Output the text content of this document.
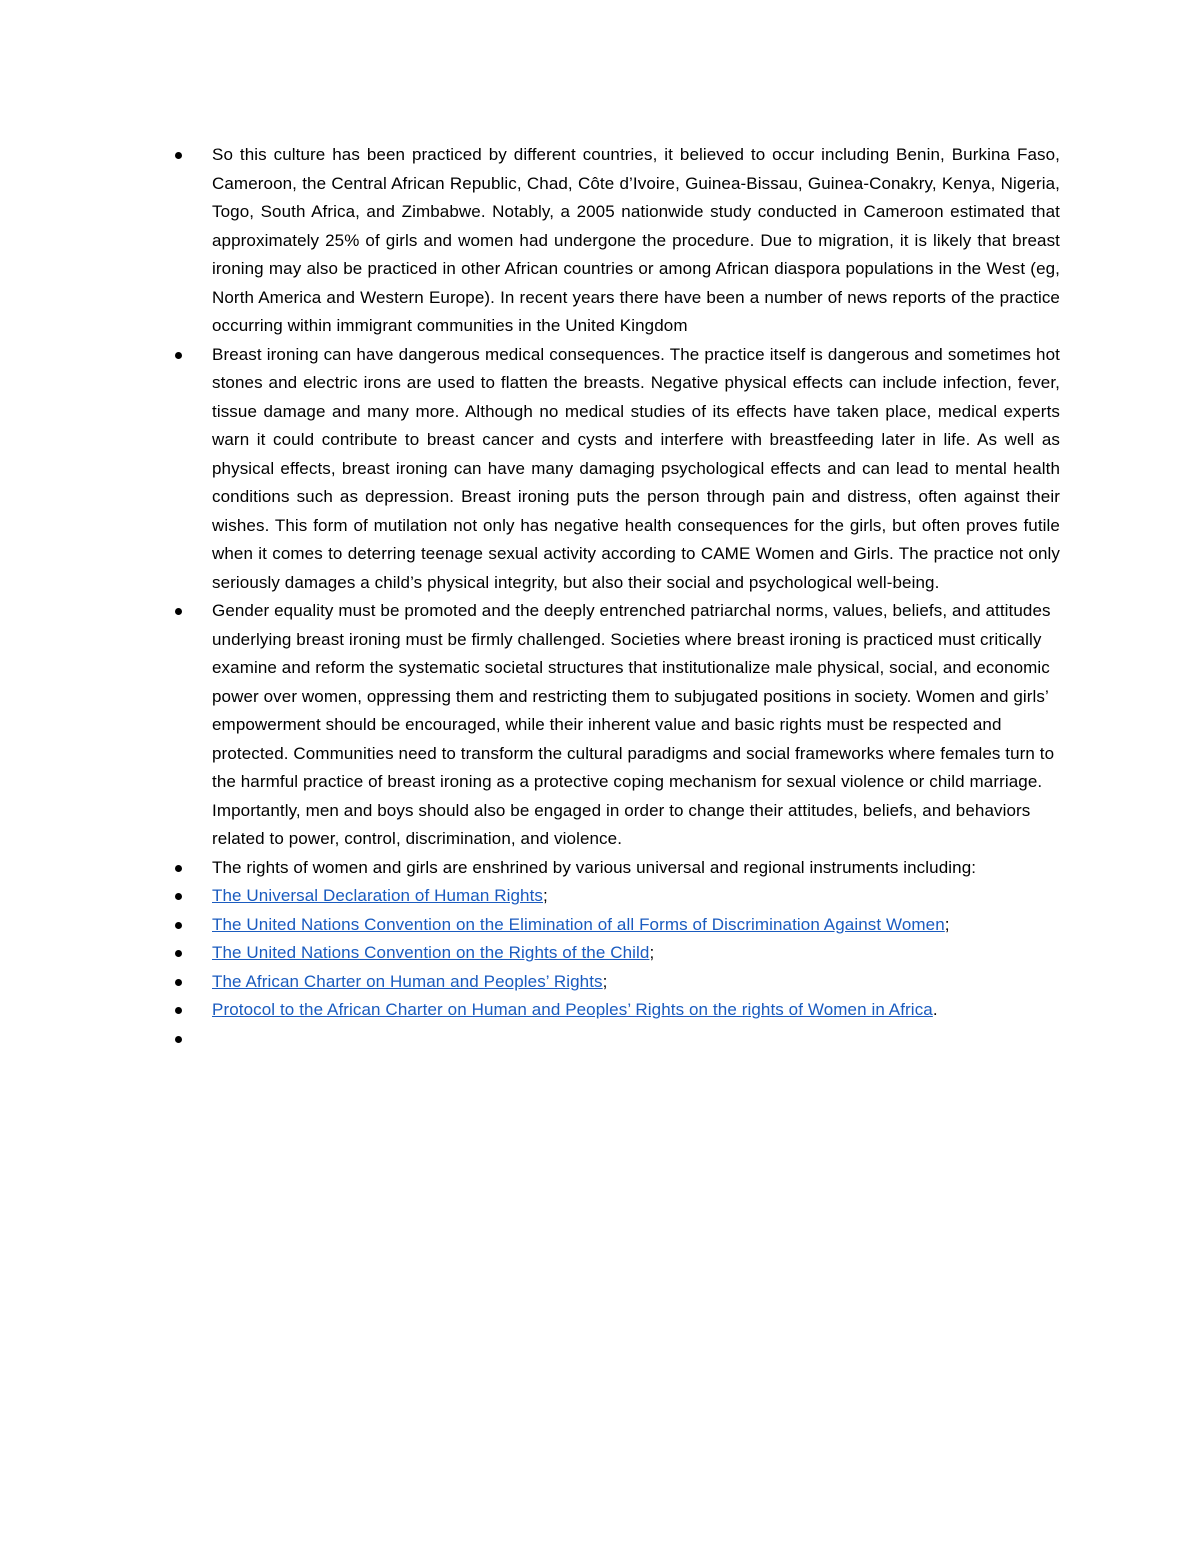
So this culture has been practiced by different countries, it believed to occur including Benin, Burkina Faso, Cameroon, the Central African Republic, Chad, Côte d’Ivoire, Guinea-Bissau, Guinea-Conakry, Kenya, Nigeria, Togo, South Africa, and Zimbabwe. Notably, a 2005 nationwide study conducted in Cameroon estimated that approximately 25% of girls and women had undergone the procedure. Due to migration, it is likely that breast ironing may also be practiced in other African countries or among African diaspora populations in the West (eg, North America and Western Europe). In recent years there have been a number of news reports of the practice occurring within immigrant communities in the United Kingdom
Breast ironing can have dangerous medical consequences. The practice itself is dangerous and sometimes hot stones and electric irons are used to flatten the breasts. Negative physical effects can include infection, fever, tissue damage and many more. Although no medical studies of its effects have taken place, medical experts warn it could contribute to breast cancer and cysts and interfere with breastfeeding later in life. As well as physical effects, breast ironing can have many damaging psychological effects and can lead to mental health conditions such as depression. Breast ironing puts the person through pain and distress, often against their wishes. This form of mutilation not only has negative health consequences for the girls, but often proves futile when it comes to deterring teenage sexual activity according to CAME Women and Girls. The practice not only seriously damages a child’s physical integrity, but also their social and psychological well-being.
Gender equality must be promoted and the deeply entrenched patriarchal norms, values, beliefs, and attitudes underlying breast ironing must be firmly challenged. Societies where breast ironing is practiced must critically examine and reform the systematic societal structures that institutionalize male physical, social, and economic power over women, oppressing them and restricting them to subjugated positions in society. Women and girls’ empowerment should be encouraged, while their inherent value and basic rights must be respected and protected. Communities need to transform the cultural paradigms and social frameworks where females turn to the harmful practice of breast ironing as a protective coping mechanism for sexual violence or child marriage. Importantly, men and boys should also be engaged in order to change their attitudes, beliefs, and behaviors related to power, control, discrimination, and violence.
The rights of women and girls are enshrined by various universal and regional instruments including:
The Universal Declaration of Human Rights;
The United Nations Convention on the Elimination of all Forms of Discrimination Against Women;
The United Nations Convention on the Rights of the Child;
The African Charter on Human and Peoples’ Rights;
Protocol to the African Charter on Human and Peoples’ Rights on the rights of Women in Africa.
